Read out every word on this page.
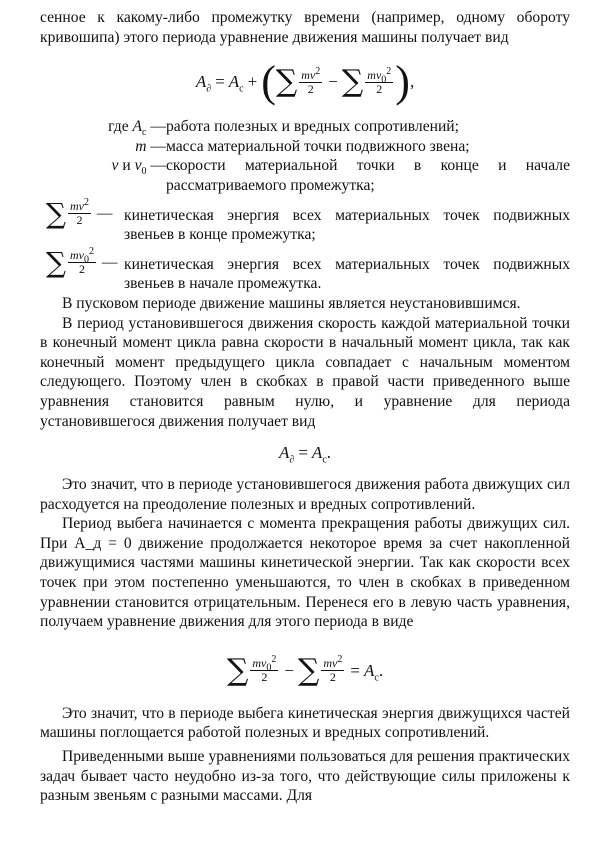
сенное к какому-либо промежутку времени (например, одному обороту кривошипа) этого периода уравнение движения машины получает вид

$A_\partial = A_c$ + ( ∑ $\frac{mv^2}{2}$ − ∑ $\frac{mv_0^2}{2}$ ) ,
где $A_c$ — работа полезных и вредных сопротивлений;
m — масса материальной точки подвижного звена;
v и $v_0$ — скорости материальной точки в конце и начале рассматриваемого промежутка;
∑ $\frac{mv^2}{2}$ — кинетическая энергия всех материальных точек подвижных звеньев в конце промежутка;
∑ $\frac{mv_0^2}{2}$ — кинетическая энергия всех материальных точек подвижных звеньев в начале промежутка.

В пусковом периоде движение машины является неустановившимся.

В период установившегося движения скорость каждой материальной точки в конечный момент цикла равна скорости в начальный момент цикла, так как конечный момент предыдущего цикла совпадает с начальным моментом следующего. Поэтому член в скобках в правой части приведенного выше уравнения становится равным нулю, и уравнение для периода установившегося движения получает вид

$A_\partial = A_c$.

Это значит, что в периоде установившегося движения работа движущих сил расходуется на преодоление полезных и вредных сопротивлений.

Период выбега начинается с момента прекращения работы движущих сил. При A_д = 0 движение продолжается некоторое время за счет накопленной движущимися частями машины кинетической энергии. Так как скорости всех точек при этом постепенно уменьшаются, то член в скобках в приведенном уравнении становится отрицательным. Перенеся его в левую часть уравнения, получаем уравнение движения для этого периода в виде

∑ $\frac{mv_0^2}{2}$ − ∑ $\frac{mv^2}{2} = A_c$.

Это значит, что в периоде выбега кинетическая энергия движущихся частей машины поглощается работой полезных и вредных сопротивлений.

Приведенными выше уравнениями пользоваться для решения практических задач бывает часто неудобно из-за того, что действующие силы приложены к разным звеньям с разными массами. Для
